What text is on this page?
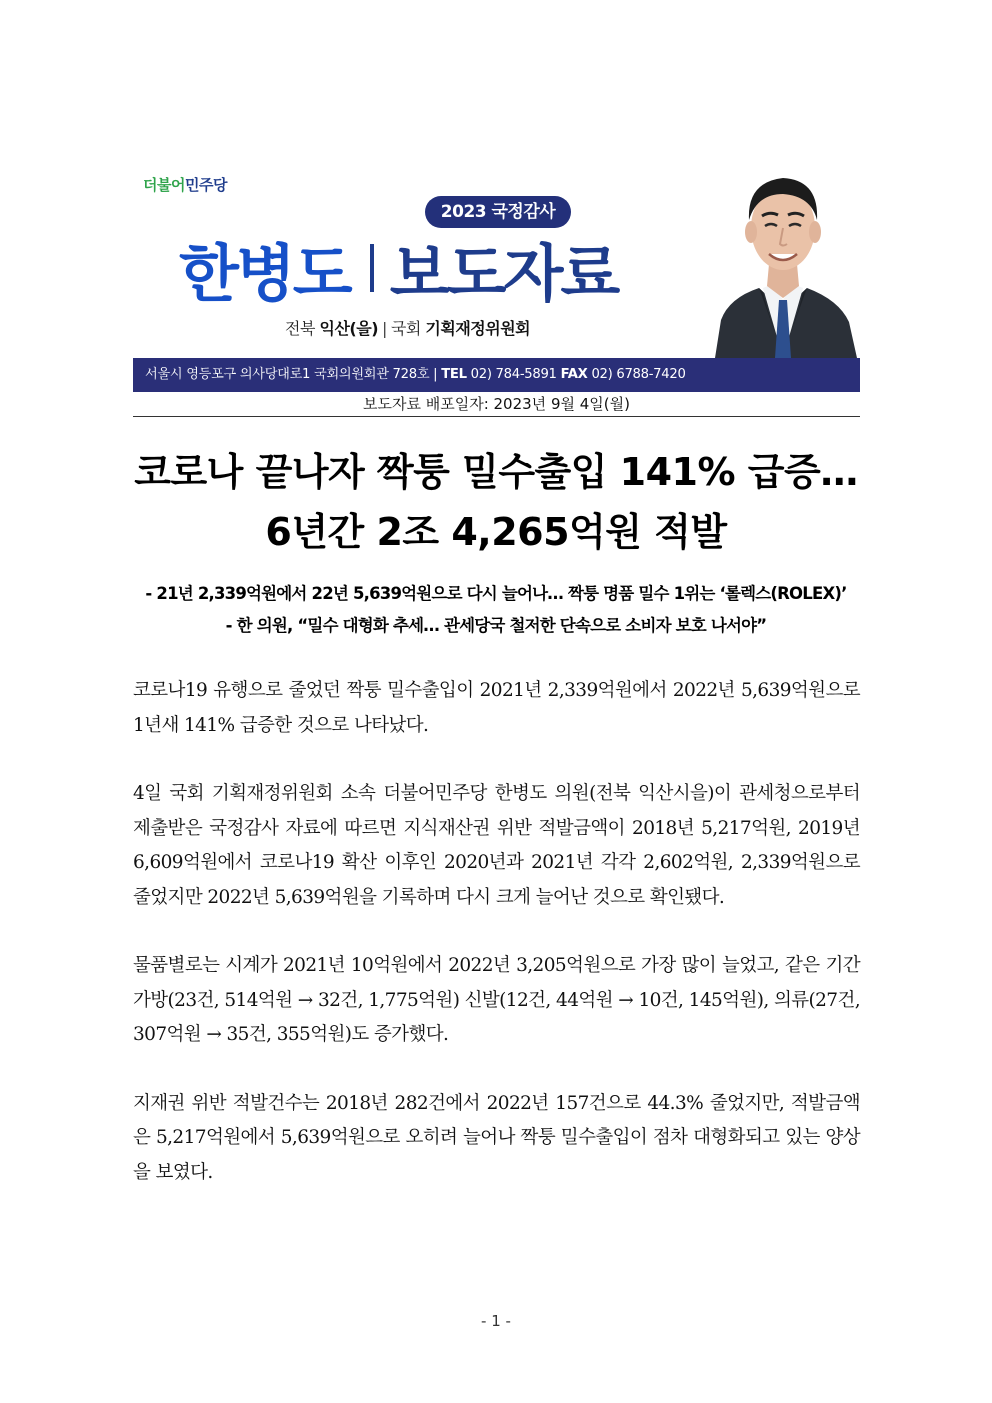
더불어민주당
2023 국정감사
한병도 보도자료
전북 익산(을) | 국회 기획재정위원회
서울시 영등포구 의사당대로1 국회의원회관 728호 | TEL 02) 784-5891 FAX 02) 6788-7420
보도자료 배포일자: 2023년 9월 4일(월)
코로나 끝나자 짝퉁 밀수출입 141% 급증…
6년간 2조 4,265억원 적발
- 21년 2,339억원에서 22년 5,639억원으로 다시 늘어나… 짝퉁 명품 밀수 1위는 ‘롤렉스(ROLEX)’
- 한 의원, “밀수 대형화 추세… 관세당국 철저한 단속으로 소비자 보호 나서야”

코로나19 유행으로 줄었던 짝퉁 밀수출입이 2021년 2,339억원에서 2022년 5,639억원으로 1년새 141% 급증한 것으로 나타났다.

4일 국회 기획재정위원회 소속 더불어민주당 한병도 의원(전북 익산시을)이 관세청으로부터 제출받은 국정감사 자료에 따르면 지식재산권 위반 적발금액이 2018년 5,217억원, 2019년 6,609억원에서 코로나19 확산 이후인 2020년과 2021년 각각 2,602억원, 2,339억원으로 줄었지만 2022년 5,639억원을 기록하며 다시 크게 늘어난 것으로 확인됐다.

물품별로는 시계가 2021년 10억원에서 2022년 3,205억원으로 가장 많이 늘었고, 같은 기간 가방(23건, 514억원 → 32건, 1,775억원) 신발(12건, 44억원 → 10건, 145억원), 의류(27건, 307억원 → 35건, 355억원)도 증가했다.

지재권 위반 적발건수는 2018년 282건에서 2022년 157건으로 44.3% 줄었지만, 적발금액은 5,217억원에서 5,639억원으로 오히려 늘어나 짝퉁 밀수출입이 점차 대형화되고 있는 양상을 보였다.

- 1 -
